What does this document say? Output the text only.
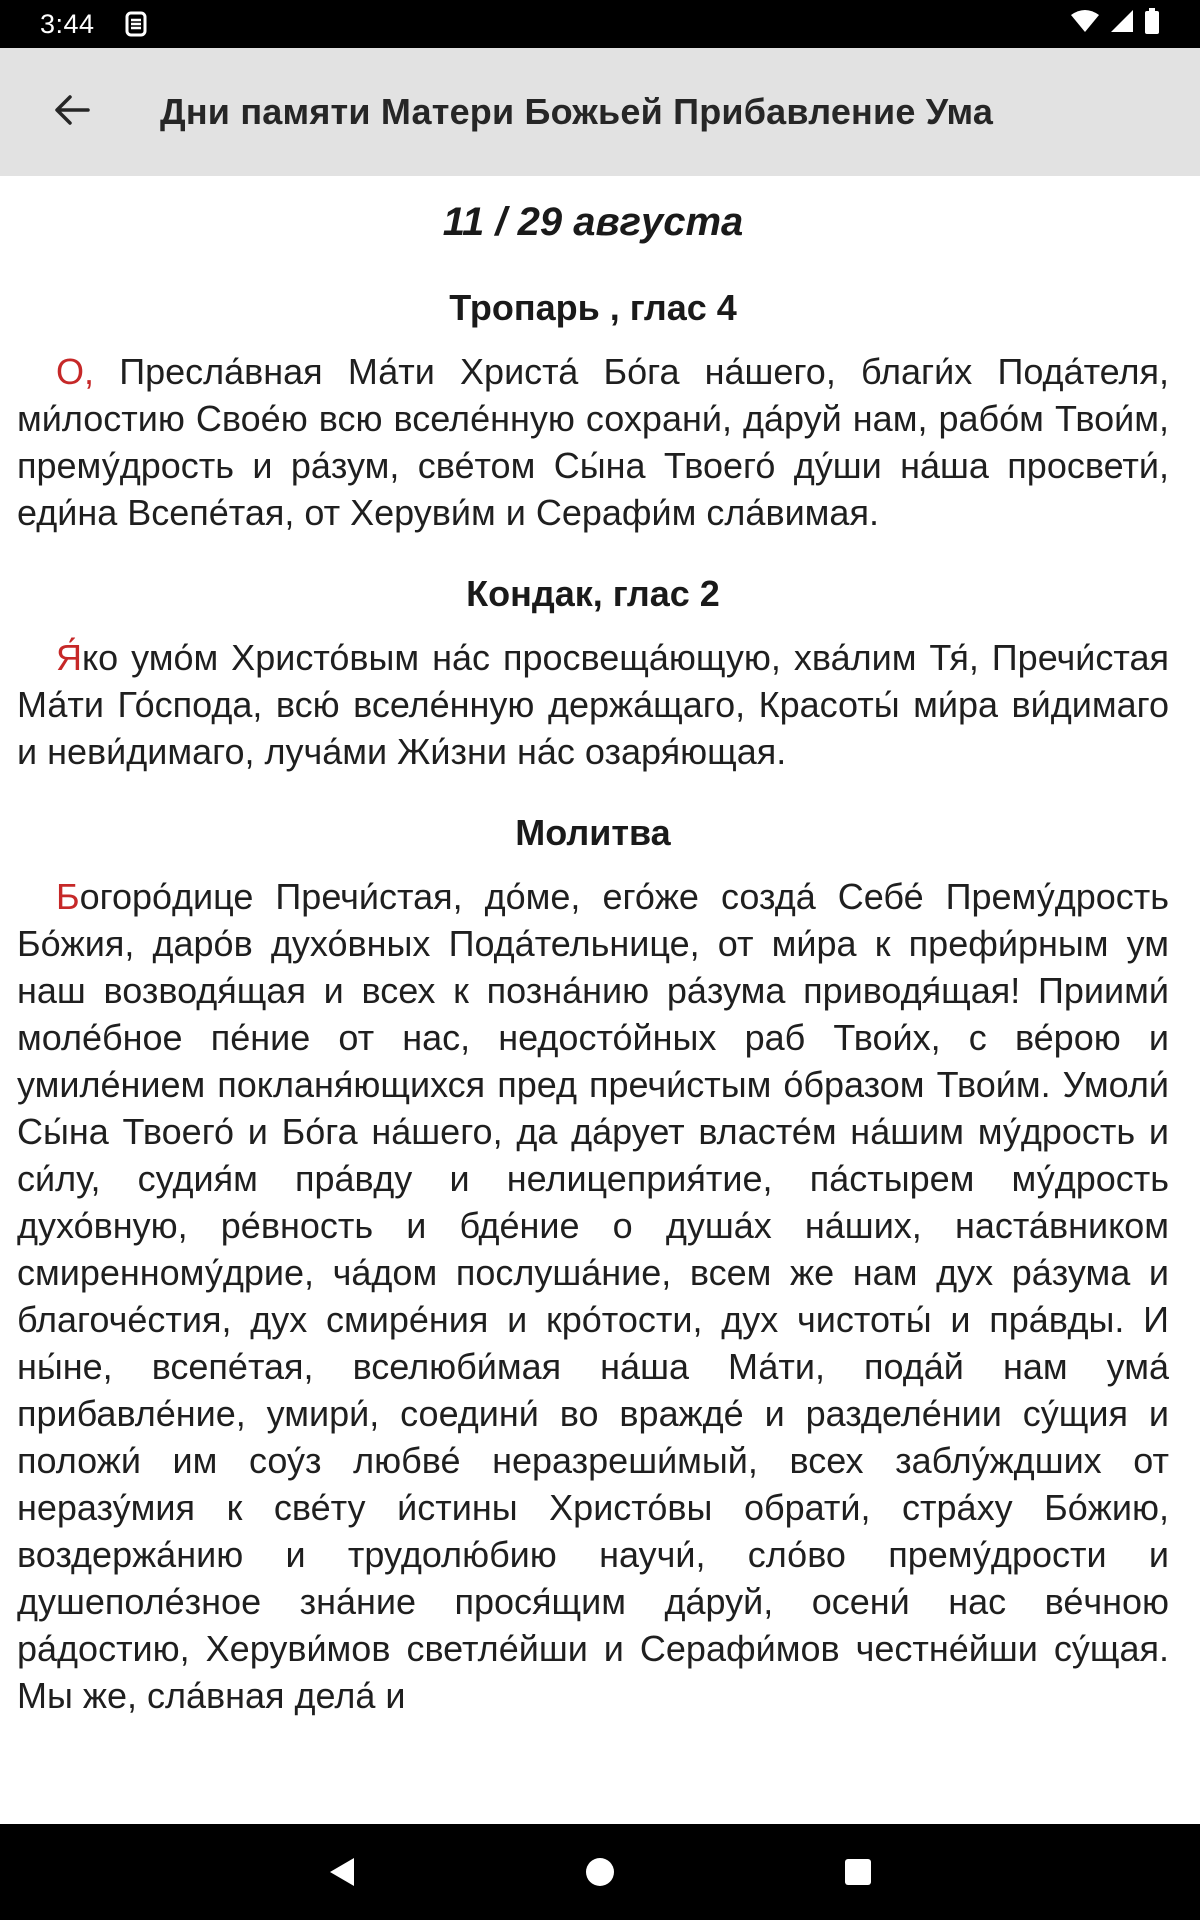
3:44
Дни памяти Матери Божьей Прибавление Ума
11 / 29 августа
Тропарь , глас 4

О, Пресла́вная Ма́ти Христа́ Бо́га на́шего, благи́х Пода́теля, ми́лостию Свое́ю всю вселе́нную сохрани́, да́руй нам, рабо́м Твои́м, прему́дрость и ра́зум, све́том Сы́на Твоего́ ду́ши на́ша просвети́, еди́на Всепе́тая, от Херуви́м и Серафи́м сла́вимая.

Кондак, глас 2

Я́ко умо́м Христо́вым на́с просвеща́ющую, хва́лим Тя́, Пречи́стая Ма́ти Го́спода, всю́ вселе́нную держа́щаго, Красоты́ ми́ра ви́димаго и неви́димаго, луча́ми Жи́зни на́с озаря́ющая.

Молитва

Богоро́дице Пречи́стая, до́ме, его́же созда́ Себе́ Прему́дрость Бо́жия, даро́в духо́вных Пода́тельнице, от ми́ра к префи́рным ум наш возводя́щая и всех к позна́нию ра́зума приводя́щая! Приими́ моле́бное пе́ние от нас, недосто́йных раб Твои́х, с ве́рою и умиле́нием покланя́ющихся пред пречи́стым о́бразом Твои́м. Умоли́ Сы́на Твоего́ и Бо́га на́шего, да да́рует власте́м на́шим му́дрость и си́лу, судия́м пра́вду и нелицеприя́тие, па́стырем му́дрость духо́вную, ре́вность и бде́ние о душа́х на́ших, наста́вником смиренному́дрие, ча́дом послуша́ние, всем же нам дух ра́зума и благоче́стия, дух смире́ния и кро́тости, дух чистоты́ и пра́вды. И ны́не, всепе́тая, вселюби́мая на́ша Ма́ти, пода́й нам ума́ прибавле́ние, умири́, соедини́ во вражде́ и разделе́нии су́щия и положи́ им соу́з любве́ неразреши́мый, всех заблу́ждших от неразу́мия к све́ту и́стины Христо́вы обрати́, стра́ху Бо́жию, воздержа́нию и трудолю́бию научи́, сло́во прему́дрости и душеполе́зное зна́ние прося́щим да́руй, осени́ нас ве́чною ра́достию, Херуви́мов светле́йши и Серафи́мов честне́йши су́щая. Мы же, сла́вная дела́ и
